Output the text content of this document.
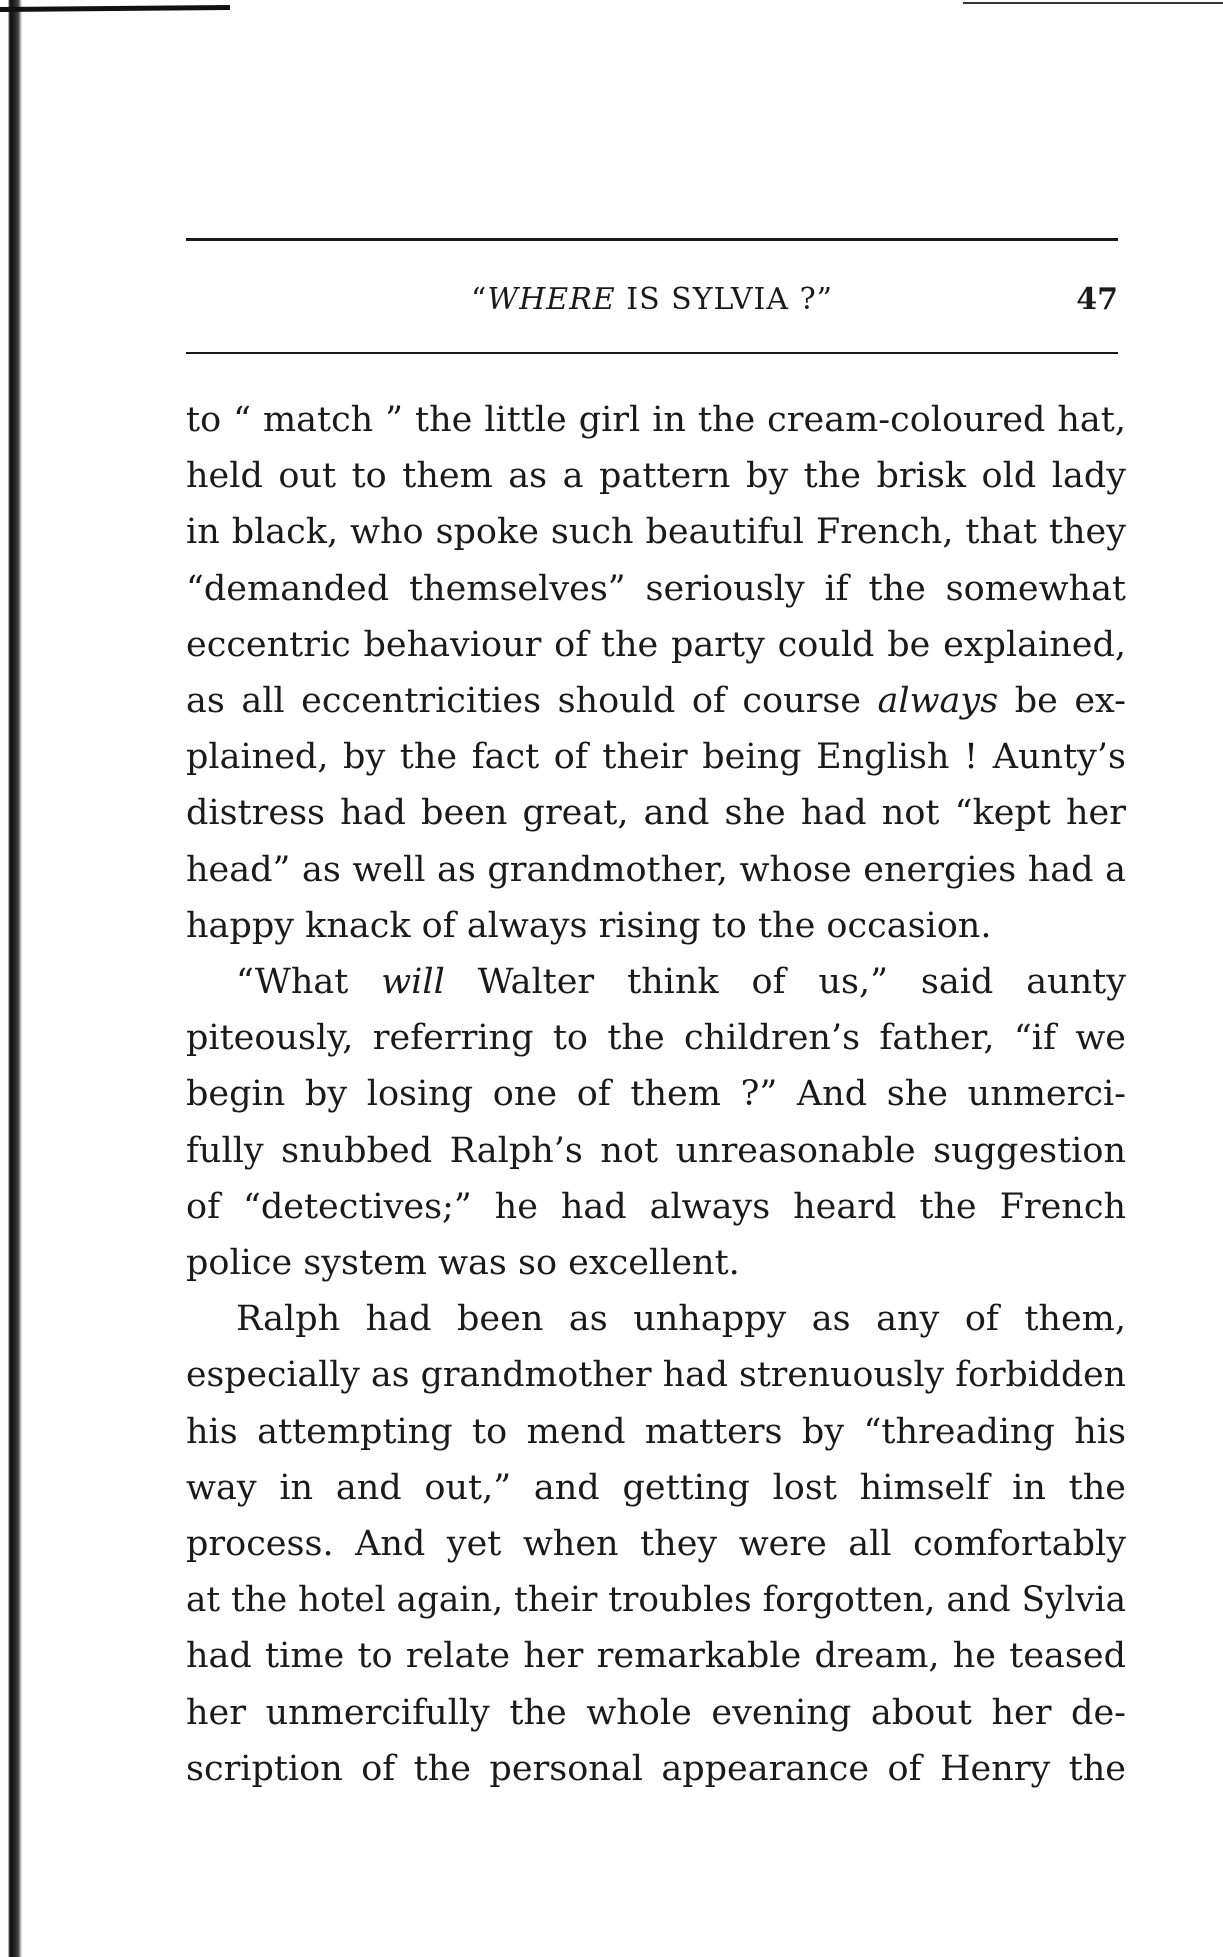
“WHERE IS SYLVIA ?”	47
to “ match ” the little girl in the cream-coloured hat,
held out to them as a pattern by the brisk old lady
in black, who spoke such beautiful French, that they
“demanded themselves” seriously if the somewhat
eccentric behaviour of the party could be explained,
as all eccentricities should of course always be ex-
plained, by the fact of their being English ! Aunty’s
distress had been great, and she had not “kept her
head” as well as grandmother, whose energies had a
happy knack of always rising to the occasion.
“What will Walter think of us,” said aunty
piteously, referring to the children’s father, “if we
begin by losing one of them ?” And she unmerci-
fully snubbed Ralph’s not unreasonable suggestion
of “detectives;” he had always heard the French
police system was so excellent.
Ralph had been as unhappy as any of them,
especially as grandmother had strenuously forbidden
his attempting to mend matters by “threading his
way in and out,” and getting lost himself in the
process. And yet when they were all comfortably
at the hotel again, their troubles forgotten, and Sylvia
had time to relate her remarkable dream, he teased
her unmercifully the whole evening about her de-
scription of the personal appearance of Henry the
